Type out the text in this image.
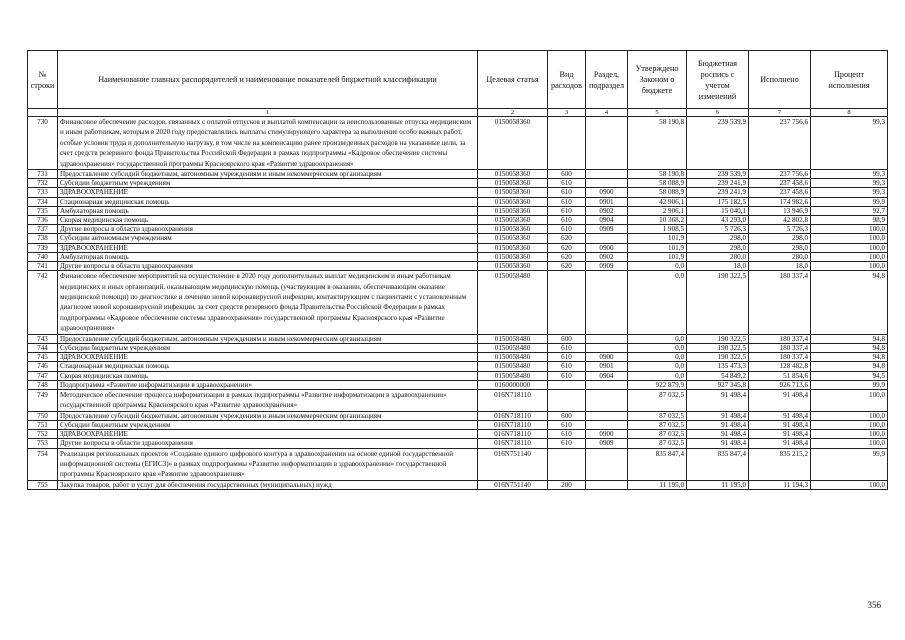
№ строки	Наименование главных распорядителей и наименование показателей бюджетной классификации	Целевая статья	Вид расходов	Раздел, подраздел	Утверждено Законом о бюджете	Бюджетная роспись с учетом изменений	Исполнено	Процент исполнения
	1	2	3	4	5	6	7	8
730	Финансовое обеспечение расходов, связанных с оплатой отпусков и выплатой компенсации за неиспользованные отпуска медицинским и иным работникам, которым в 2020 году предоставлялись выплаты стимулирующего характера за выполнение особо важных работ, особые условия труда и дополнительную нагрузку, в том числе на компенсацию ранее произведенных расходов на указанные цели, за счет средств резервного фонда Правительства Российской Федерации в рамках подпрограммы «Кадровое обеспечение системы здравоохранения» государственной программы Красноярского края «Развитие здравоохранения»	0150058360			58 190,8	239 539,9	237 756,6	99,3
731	Предоставление субсидий бюджетным, автономным учреждениям и иным некоммерческим организациям	0150058360	600		58 190,8	239 539,9	237 756,6	99,3
732	Субсидии бюджетным учреждениям	0150058360	610		58 088,9	239 241,9	237 458,6	99,3
733	ЗДРАВООХРАНЕНИЕ	0150058360	610	0900	58 088,9	239 241,9	237 458,6	99,3
734	Стационарная медицинская помощь	0150058360	610	0901	42 906,1	175 182,5	174 982,6	99,9
735	Амбулаторная помощь	0150058360	610	0902	2 906,1	15 040,1	13 946,9	92,7
736	Скорая медицинская помощь	0150058360	610	0904	10 368,2	43 293,0	42 802,8	98,9
737	Другие вопросы в области здравоохранения	0150058360	610	0909	1 908,5	5 726,3	5 726,3	100,0
738	Субсидии автономным учреждениям	0150058360	620		101,9	298,0	298,0	100,0
739	ЗДРАВООХРАНЕНИЕ	0150058360	620	0900	101,9	298,0	298,0	100,0
740	Амбулаторная помощь	0150058360	620	0902	101,9	280,0	280,0	100,0
741	Другие вопросы в области здравоохранения	0150058360	620	0909	0,0	18,0	18,0	100,0
742	Финансовое обеспечение мероприятий на осуществление в 2020 году дополнительных выплат медицинским и иным работникам медицинских и иных организаций, оказывающим медицинскую помощь (участвующим в оказании, обеспечивающим оказание медицинской помощи) по диагностике и лечению новой коронавирусной инфекции, контактирующим с пациентами с установленным диагнозом новой коронавирусной инфекции, за счет средств резервного фонда Правительства Российской Федерации в рамках подпрограммы «Кадровое обеспечение системы здравоохранения» государственной программы Красноярского края «Развитие здравоохранения»	0150058480			0,0	190 322,5	180 337,4	94,8
743	Предоставление субсидий бюджетным, автономным учреждениям и иным некоммерческим организациям	0150058480	600		0,0	190 322,5	180 337,4	94,8
744	Субсидии бюджетным учреждениям	0150058480	610		0,0	190 322,5	180 337,4	94,8
745	ЗДРАВООХРАНЕНИЕ	0150058480	610	0900	0,0	190 322,5	180 337,4	94,8
746	Стационарная медицинская помощь	0150058480	610	0901	0,0	135 473,3	128 482,8	94,8
747	Скорая медицинская помощь	0150058480	610	0904	0,0	54 849,2	51 854,6	94,5
748	Подпрограмма «Развитие информатизации в здравоохранении»	0160000000			922 879,9	927 345,8	926 713,6	99,9
749	Методическое обеспечение процесса информатизации в рамках подпрограммы «Развитие информатизации в здравоохранении» государственной программы Красноярского края «Развитие здравоохранения»	016N718110			87 032,5	91 498,4	91 498,4	100,0
750	Предоставление субсидий бюджетным, автономным учреждениям и иным некоммерческим организациям	016N718110	600		87 032,5	91 498,4	91 498,4	100,0
751	Субсидии бюджетным учреждениям	016N718110	610		87 032,5	91 498,4	91 498,4	100,0
752	ЗДРАВООХРАНЕНИЕ	016N718110	610	0900	87 032,5	91 498,4	91 498,4	100,0
753	Другие вопросы в области здравоохранения	016N718110	610	0909	87 032,5	91 498,4	91 498,4	100,0
754	Реализация региональных проектов «Создание единого цифрового контура в здравоохранении на основе единой государственной информационной системы (ЕГИСЗ)» в рамках подпрограммы «Развитие информатизации в здравоохранении» государственной программы Красноярского края «Развитие здравоохранения»	016N751140			835 847,4	835 847,4	835 215,2	99,9
755	Закупка товаров, работ и услуг для обеспечения государственных (муниципальных) нужд	016N751140	200		11 195,0	11 195,0	11 194,3	100,0
356
